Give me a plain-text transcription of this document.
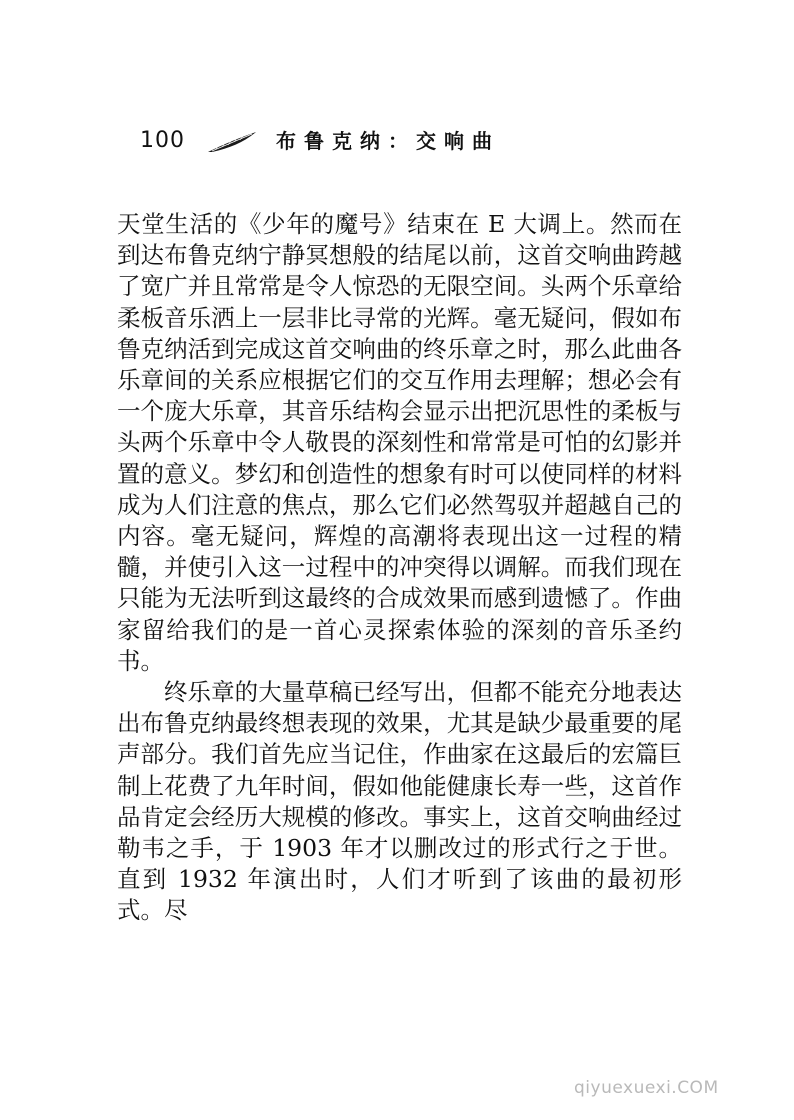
100	布鲁克纳：交响曲

天堂生活的《少年的魔号》结束在 E 大调上。然而在到达布鲁克纳宁静冥想般的结尾以前，这首交响曲跨越了宽广并且常常是令人惊恐的无限空间。头两个乐章给柔板音乐洒上一层非比寻常的光辉。毫无疑问，假如布鲁克纳活到完成这首交响曲的终乐章之时，那么此曲各乐章间的关系应根据它们的交互作用去理解；想必会有一个庞大乐章，其音乐结构会显示出把沉思性的柔板与头两个乐章中令人敬畏的深刻性和常常是可怕的幻影并置的意义。梦幻和创造性的想象有时可以使同样的材料成为人们注意的焦点，那么它们必然驾驭并超越自己的内容。毫无疑问，辉煌的高潮将表现出这一过程的精髓，并使引入这一过程中的冲突得以调解。而我们现在只能为无法听到这最终的合成效果而感到遗憾了。作曲家留给我们的是一首心灵探索体验的深刻的音乐圣约书。

终乐章的大量草稿已经写出，但都不能充分地表达出布鲁克纳最终想表现的效果，尤其是缺少最重要的尾声部分。我们首先应当记住，作曲家在这最后的宏篇巨制上花费了九年时间，假如他能健康长寿一些，这首作品肯定会经历大规模的修改。事实上，这首交响曲经过勒韦之手，于 1903 年才以删改过的形式行之于世。直到 1932 年演出时，人们才听到了该曲的最初形式。尽

qiyuexuexi.COM
